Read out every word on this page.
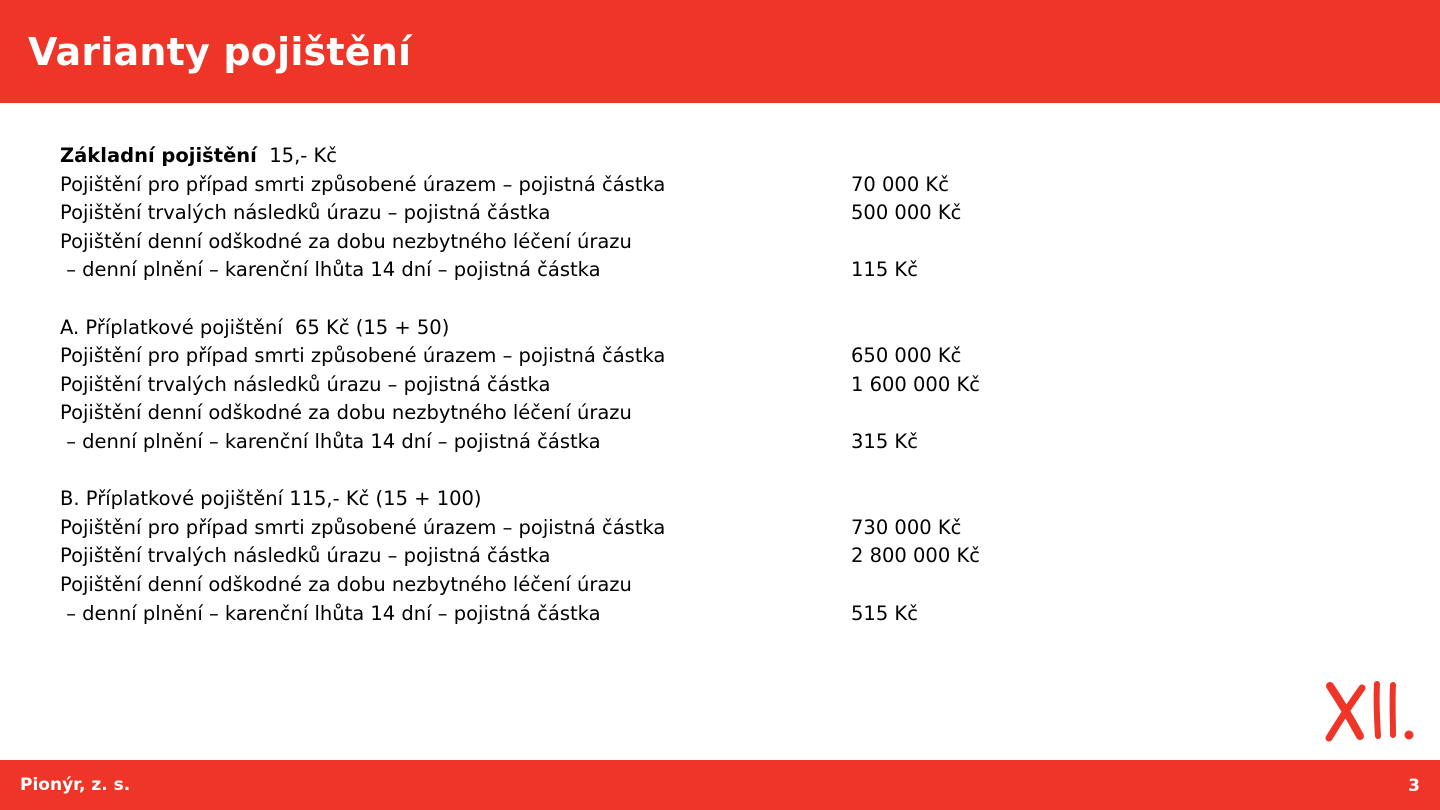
Varianty pojištění
Základní pojištění  15,- Kč
Pojištění pro případ smrti způsobené úrazem – pojistná částka	70 000 Kč
Pojištění trvalých následků úrazu – pojistná částka	500 000 Kč
Pojištění denní odškodné za dobu nezbytného léčení úrazu
– denní plnění – karenční lhůta 14 dní – pojistná částka	115 Kč
A. Příplatkové pojištění  65 Kč (15 + 50)
Pojištění pro případ smrti způsobené úrazem – pojistná částka	650 000 Kč
Pojištění trvalých následků úrazu – pojistná částka	1 600 000 Kč
Pojištění denní odškodné za dobu nezbytného léčení úrazu
– denní plnění – karenční lhůta 14 dní – pojistná částka	315 Kč
B. Příplatkové pojištění 115,- Kč (15 + 100)
Pojištění pro případ smrti způsobené úrazem – pojistná částka	730 000 Kč
Pojištění trvalých následků úrazu – pojistná částka	2 800 000 Kč
Pojištění denní odškodné za dobu nezbytného léčení úrazu
– denní plnění – karenční lhůta 14 dní – pojistná částka	515 Kč
Pionýr, z. s.	3
